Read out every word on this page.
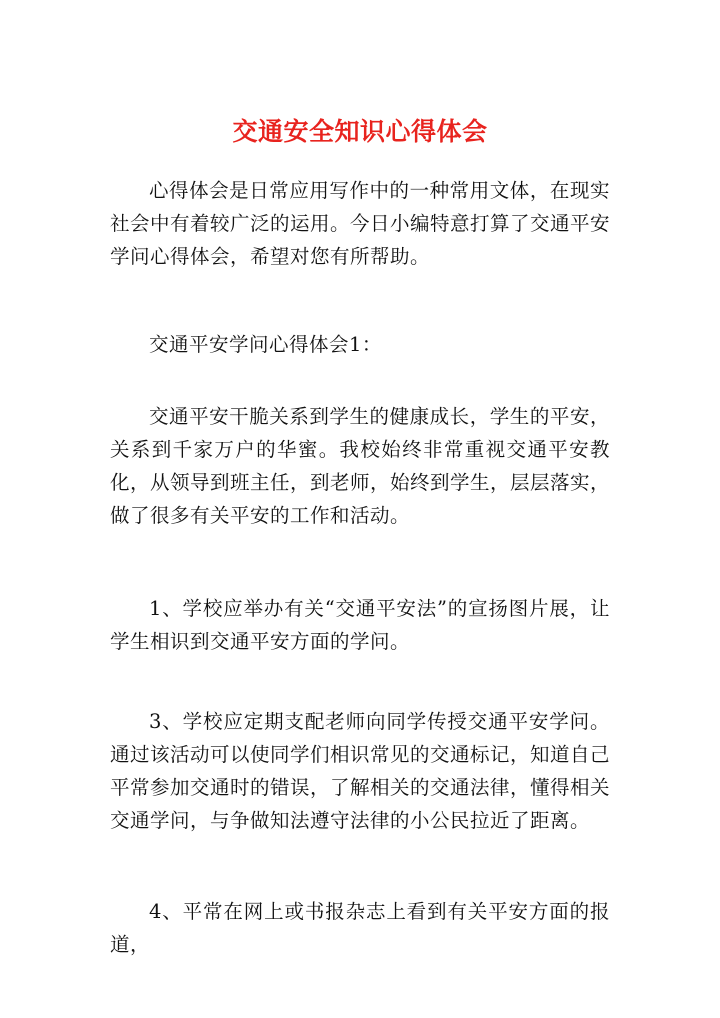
交通安全知识心得体会

心得体会是日常应用写作中的一种常用文体，在现实社会中有着较广泛的运用。今日小编特意打算了交通平安学问心得体会，希望对您有所帮助。

交通平安学问心得体会1：

交通平安干脆关系到学生的健康成长，学生的平安，关系到千家万户的华蜜。我校始终非常重视交通平安教化，从领导到班主任，到老师，始终到学生，层层落实，做了很多有关平安的工作和活动。

1、学校应举办有关“交通平安法”的宣扬图片展，让学生相识到交通平安方面的学问。

3、学校应定期支配老师向同学传授交通平安学问。通过该活动可以使同学们相识常见的交通标记，知道自己平常参加交通时的错误，了解相关的交通法律，懂得相关交通学问，与争做知法遵守法律的小公民拉近了距离。

4、平常在网上或书报杂志上看到有关平安方面的报道，
